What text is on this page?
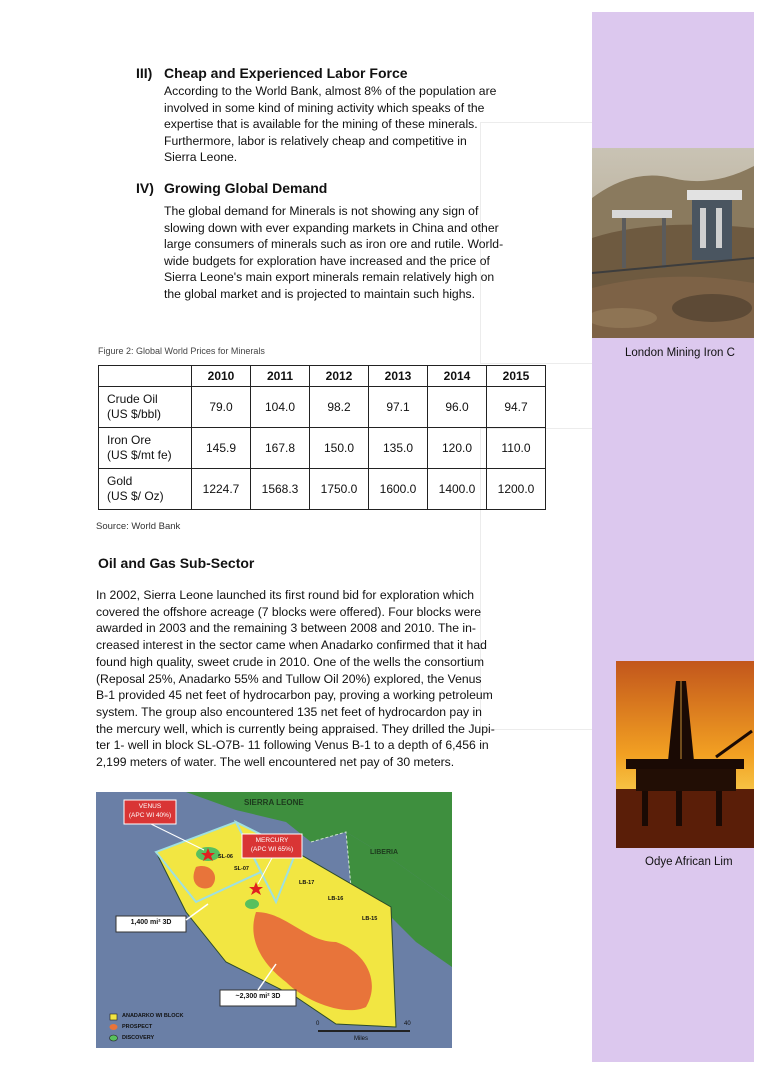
London Mining Iron C
Odye African Lim
III) Cheap and Experienced Labor Force
According to the World Bank, almost 8% of the population are
involved in some kind of mining activity which speaks of the
expertise that is available for the mining of these minerals.
Furthermore, labor is relatively cheap and competitive in
Sierra Leone.
IV) Growing Global Demand
The global demand for Minerals is not showing any sign of
slowing down with ever expanding markets in China and other
large consumers of minerals such as iron ore and rutile. World-
wide budgets for exploration have increased and the price of
Sierra Leone's main export minerals remain relatively high on
the global market and is projected to maintain such highs.
Figure 2: Global World Prices for Minerals
	2010	2011	2012	2013	2014	2015

Crude Oil
(US $/bbl)	79.0	104.0	98.2	97.1	96.0	94.7

Iron Ore
(US $/mt fe)	145.9	167.8	150.0	135.0	120.0	110.0

Gold
(US $/ Oz)	1224.7	1568.3	1750.0	1600.0	1400.0	1200.0
Source: World Bank
Oil and Gas Sub-Sector
In 2002, Sierra Leone launched its first round bid for exploration which
covered the offshore acreage (7 blocks were offered). Four blocks were
awarded in 2003 and the remaining 3 between 2008 and 2010. The in-
creased interest in the sector came when Anadarko confirmed that it had
found high quality, sweet crude in 2010. One of the wells the consortium
(Reposal 25%, Anadarko 55% and Tullow Oil 20%) explored, the Venus
B-1 provided 45 net feet of hydrocarbon pay, proving a working petroleum
system. The group also encountered 135 net feet of hydrocardon pay in
the mercury well, which is currently being appraised. They drilled the Jupi-
ter 1- well in block SL-O7B- 11 following Venus B-1 to a depth of 6,456 in
2,199 meters of water. The well encountered net pay of 30 meters.
SIERRA LEONE
LIBERIA
VENUS
(APC WI 40%)
MERCURY
(APC WI 65%)
SL-06
SL-07
LB-17
LB-16
LB-15
1,400 mi² 3D
~2,300 mi² 3D
ANADARKO WI BLOCK
PROSPECT
DISCOVERY
0	40
Miles
